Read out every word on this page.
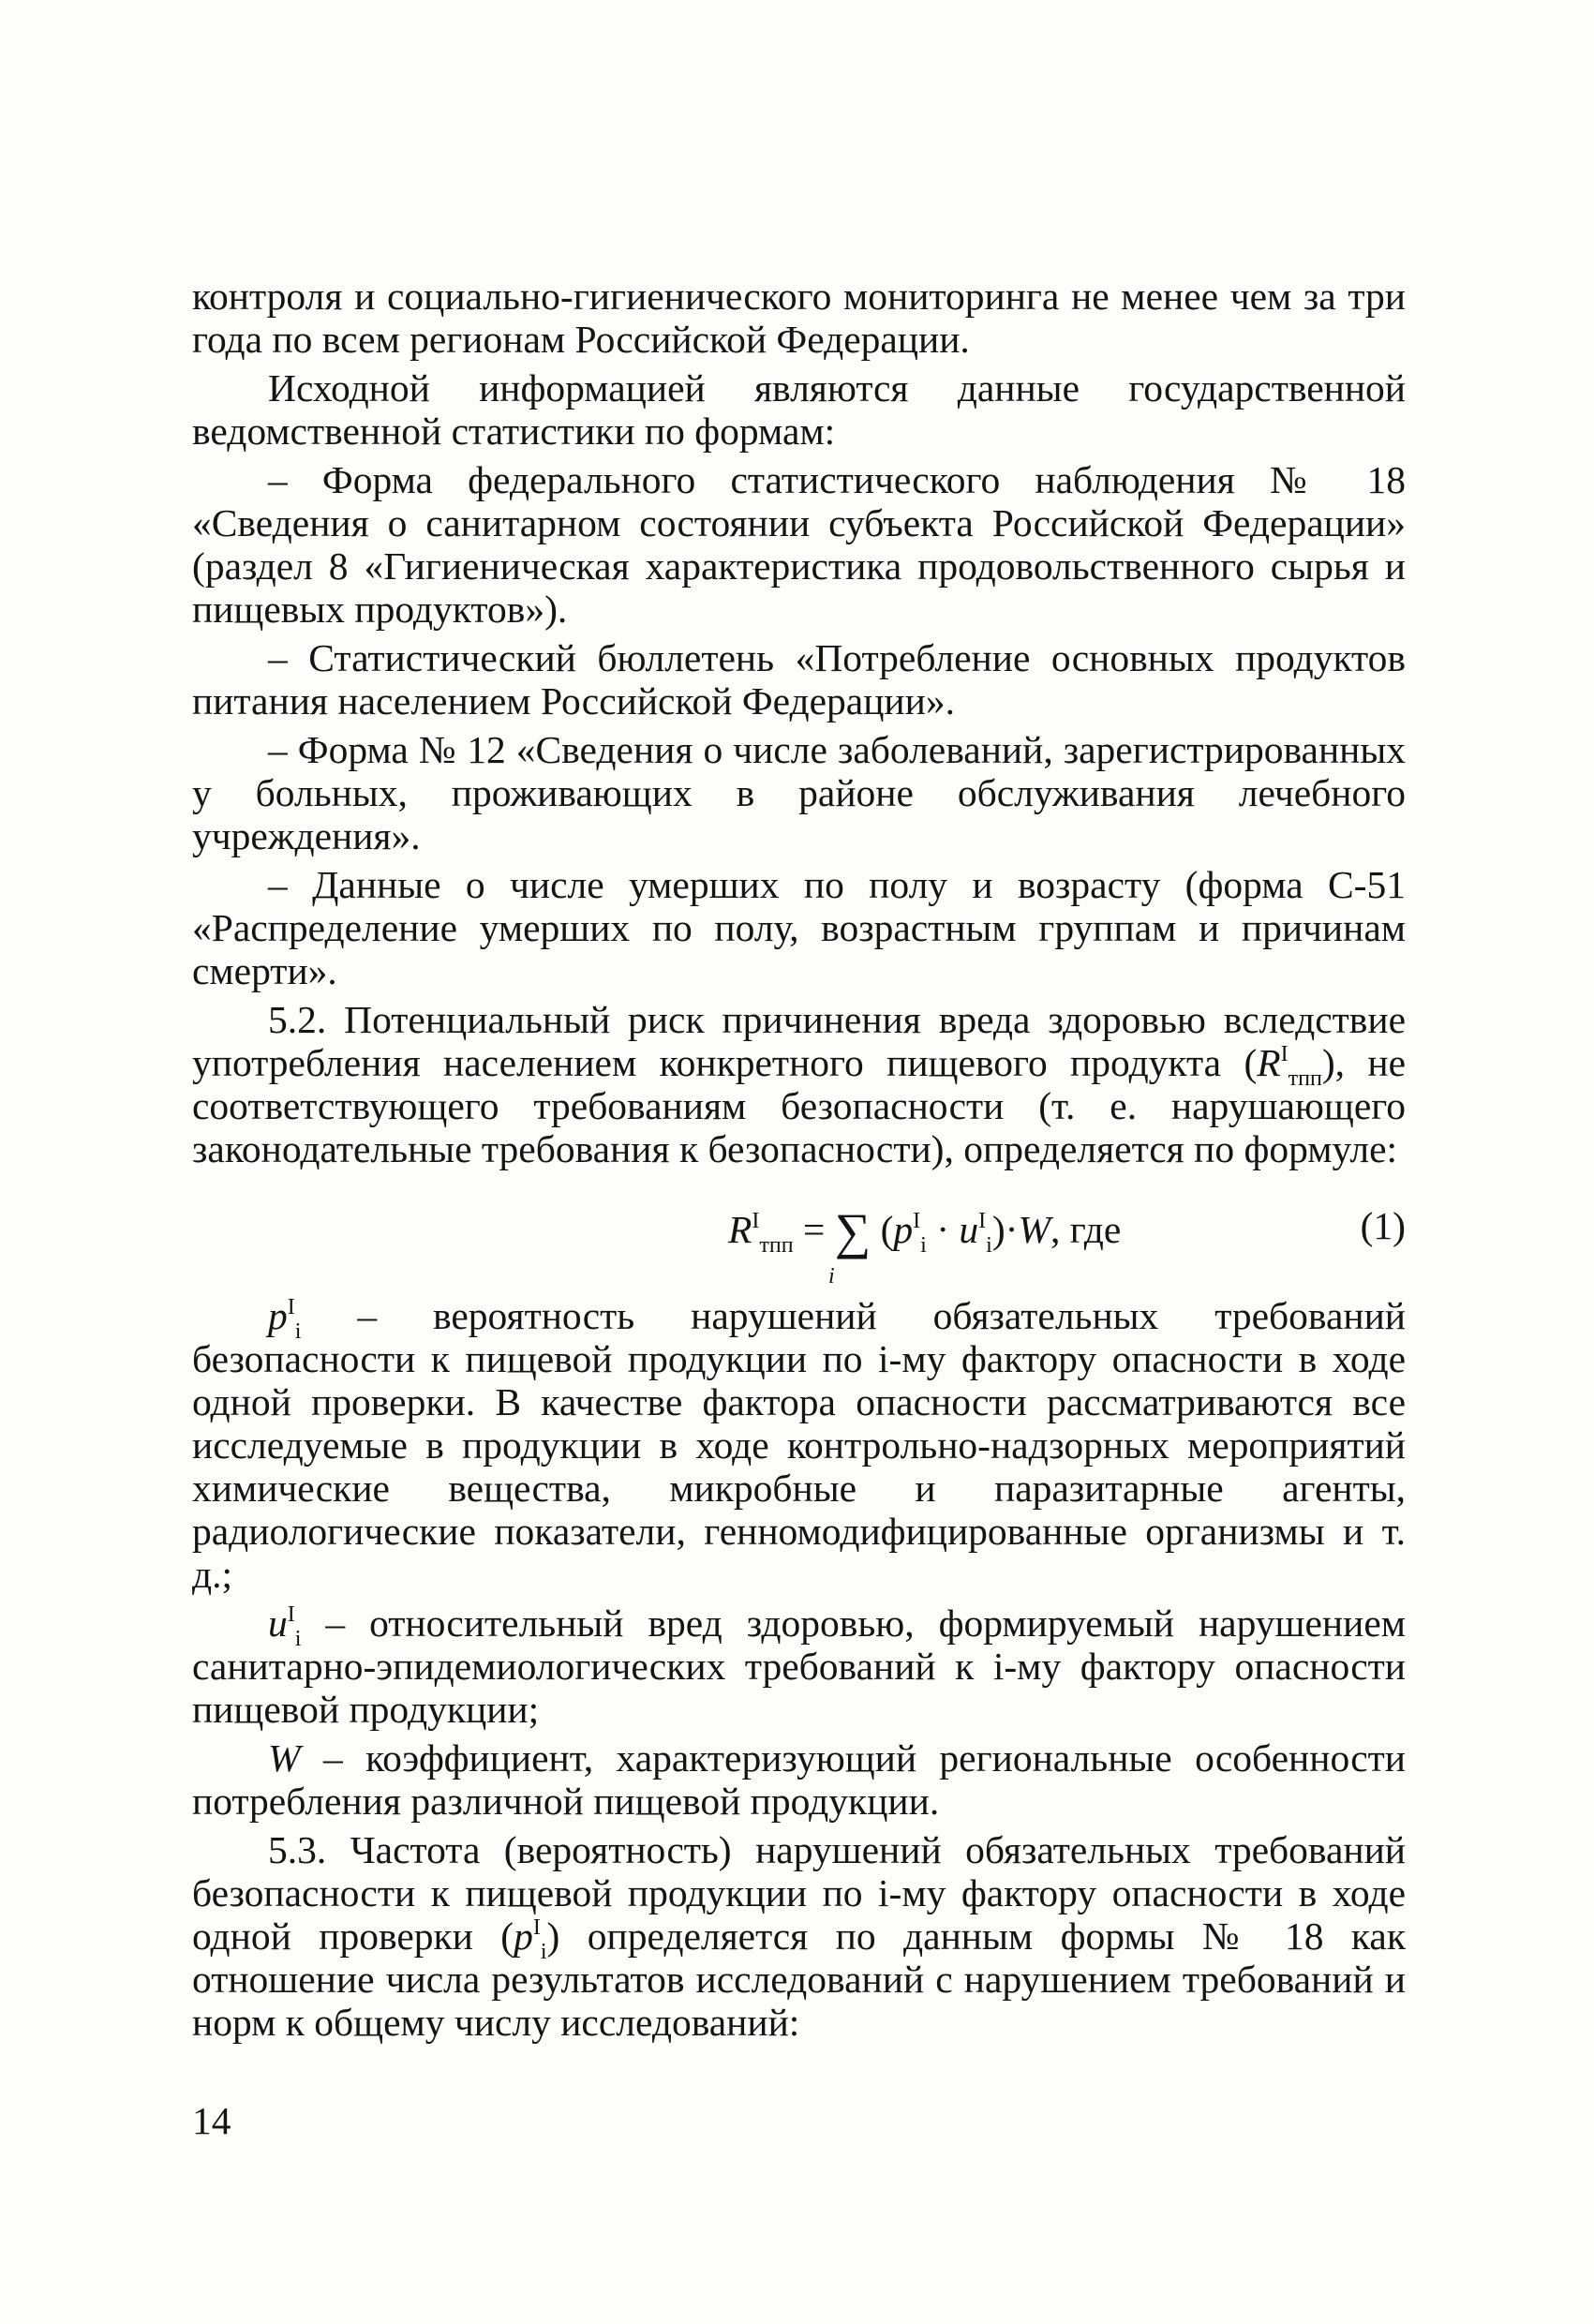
контроля и социально-гигиенического мониторинга не менее чем за три года по всем регионам Российской Федерации.

Исходной информацией являются данные государственной ведомственной статистики по формам:

– Форма федерального статистического наблюдения № 18 «Сведения о санитарном состоянии субъекта Российской Федерации» (раздел 8 «Гигиеническая характеристика продовольственного сырья и пищевых продуктов»).

– Статистический бюллетень «Потребление основных продуктов питания населением Российской Федерации».

– Форма № 12 «Сведения о числе заболеваний, зарегистрированных у больных, проживающих в районе обслуживания лечебного учреждения».

– Данные о числе умерших по полу и возрасту (форма С-51 «Распределение умерших по полу, возрастным группам и причинам смерти».

5.2. Потенциальный риск причинения вреда здоровью вследствие употребления населением конкретного пищевого продукта $(R^I_{тпп})$, не соответствующего требованиям безопасности (т. е. нарушающего законодательные требования к безопасности), определяется по формуле:

$R^I_{тпп}$ = ∑ $(p^I_i \cdot u^I_i)\cdot W$, где
i
(1)

$p^I_i$ – вероятность нарушений обязательных требований безопасности к пищевой продукции по i-му фактору опасности в ходе одной проверки. В качестве фактора опасности рассматриваются все исследуемые в продукции в ходе контрольно-надзорных мероприятий химические вещества, микробные и паразитарные агенты, радиологические показатели, генномодифицированные организмы и т. д.;

$u^I_i$ – относительный вред здоровью, формируемый нарушением санитарно-эпидемиологических требований к i-му фактору опасности пищевой продукции;

W – коэффициент, характеризующий региональные особенности потребления различной пищевой продукции.

5.3. Частота (вероятность) нарушений обязательных требований безопасности к пищевой продукции по i-му фактору опасности в ходе одной проверки $(p^I_i)$ определяется по данным формы № 18 как отношение числа результатов исследований с нарушением требований и норм к общему числу исследований:

14
